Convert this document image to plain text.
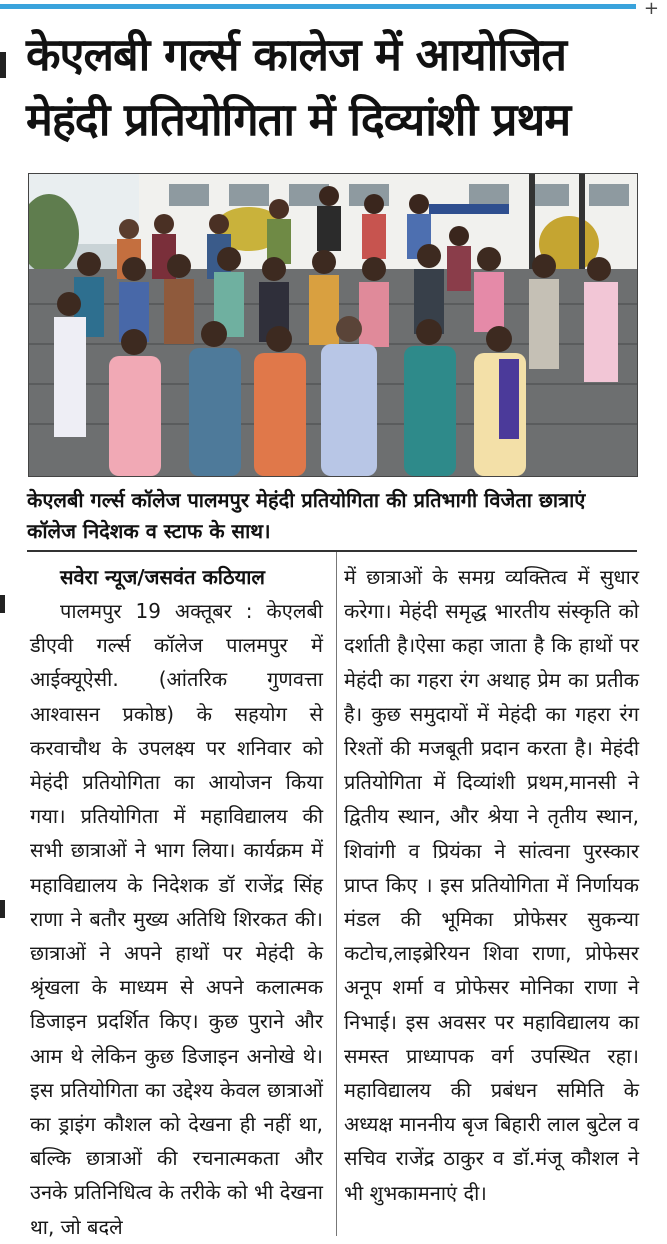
+
केएलबी गर्ल्स कालेज में आयोजित
मेहंदी प्रतियोगिता में दिव्यांशी प्रथम

केएलबी गर्ल्स कॉलेज पालमपुर मेहंदी प्रतियोगिता की प्रतिभागी विजेता छात्राएं कॉलेज निदेशक व स्टाफ के साथ।

सवेरा न्यूज/जसवंत कठियाल

पालमपुर 19 अक्तूबर : केएलबी डीएवी गर्ल्स कॉलेज पालमपुर में आईक्यूऐसी. (आंतरिक गुणवत्ता आश्वासन प्रकोष्ठ) के सहयोग से करवाचौथ के उपलक्ष्य पर शनिवार को मेहंदी प्रतियोगिता का आयोजन किया गया। प्रतियोगिता में महाविद्यालय की सभी छात्राओं ने भाग लिया। कार्यक्रम में महाविद्यालय के निदेशक डॉ राजेंद्र सिंह राणा ने बतौर मुख्य अतिथि शिरकत की। छात्राओं ने अपने हाथों पर मेहंदी के श्रृंखला के माध्यम से अपने कलात्मक डिजाइन प्रदर्शित किए। कुछ पुराने और आम थे लेकिन कुछ डिजाइन अनोखे थे। इस प्रतियोगिता का उद्देश्य केवल छात्राओं का ड्राइंग कौशल को देखना ही नहीं था, बल्कि छात्राओं की रचनात्मकता और उनके प्रतिनिधित्व के तरीके को भी देखना था, जो बदले

में छात्राओं के समग्र व्यक्तित्व में सुधार करेगा। मेहंदी समृद्ध भारतीय संस्कृति को दर्शाती है।ऐसा कहा जाता है कि हाथों पर मेहंदी का गहरा रंग अथाह प्रेम का प्रतीक है। कुछ समुदायों में मेहंदी का गहरा रंग रिश्तों की मजबूती प्रदान करता है। मेहंदी प्रतियोगिता में दिव्यांशी प्रथम,मानसी ने द्वितीय स्थान, और श्रेया ने तृतीय स्थान, शिवांगी व प्रियंका ने सांत्वना पुरस्कार प्राप्त किए । इस प्रतियोगिता में निर्णायक मंडल की भूमिका प्रोफेसर सुकन्या कटोच,लाइब्रेरियन शिवा राणा, प्रोफेसर अनूप शर्मा व प्रोफेसर मोनिका राणा ने निभाई। इस अवसर पर महाविद्यालय का समस्त प्राध्यापक वर्ग उपस्थित रहा। महाविद्यालय की प्रबंधन समिति के अध्यक्ष माननीय बृज बिहारी लाल बुटेल व सचिव राजेंद्र ठाकुर व डॉ.मंजू कौशल ने भी शुभकामनाएं दी।
